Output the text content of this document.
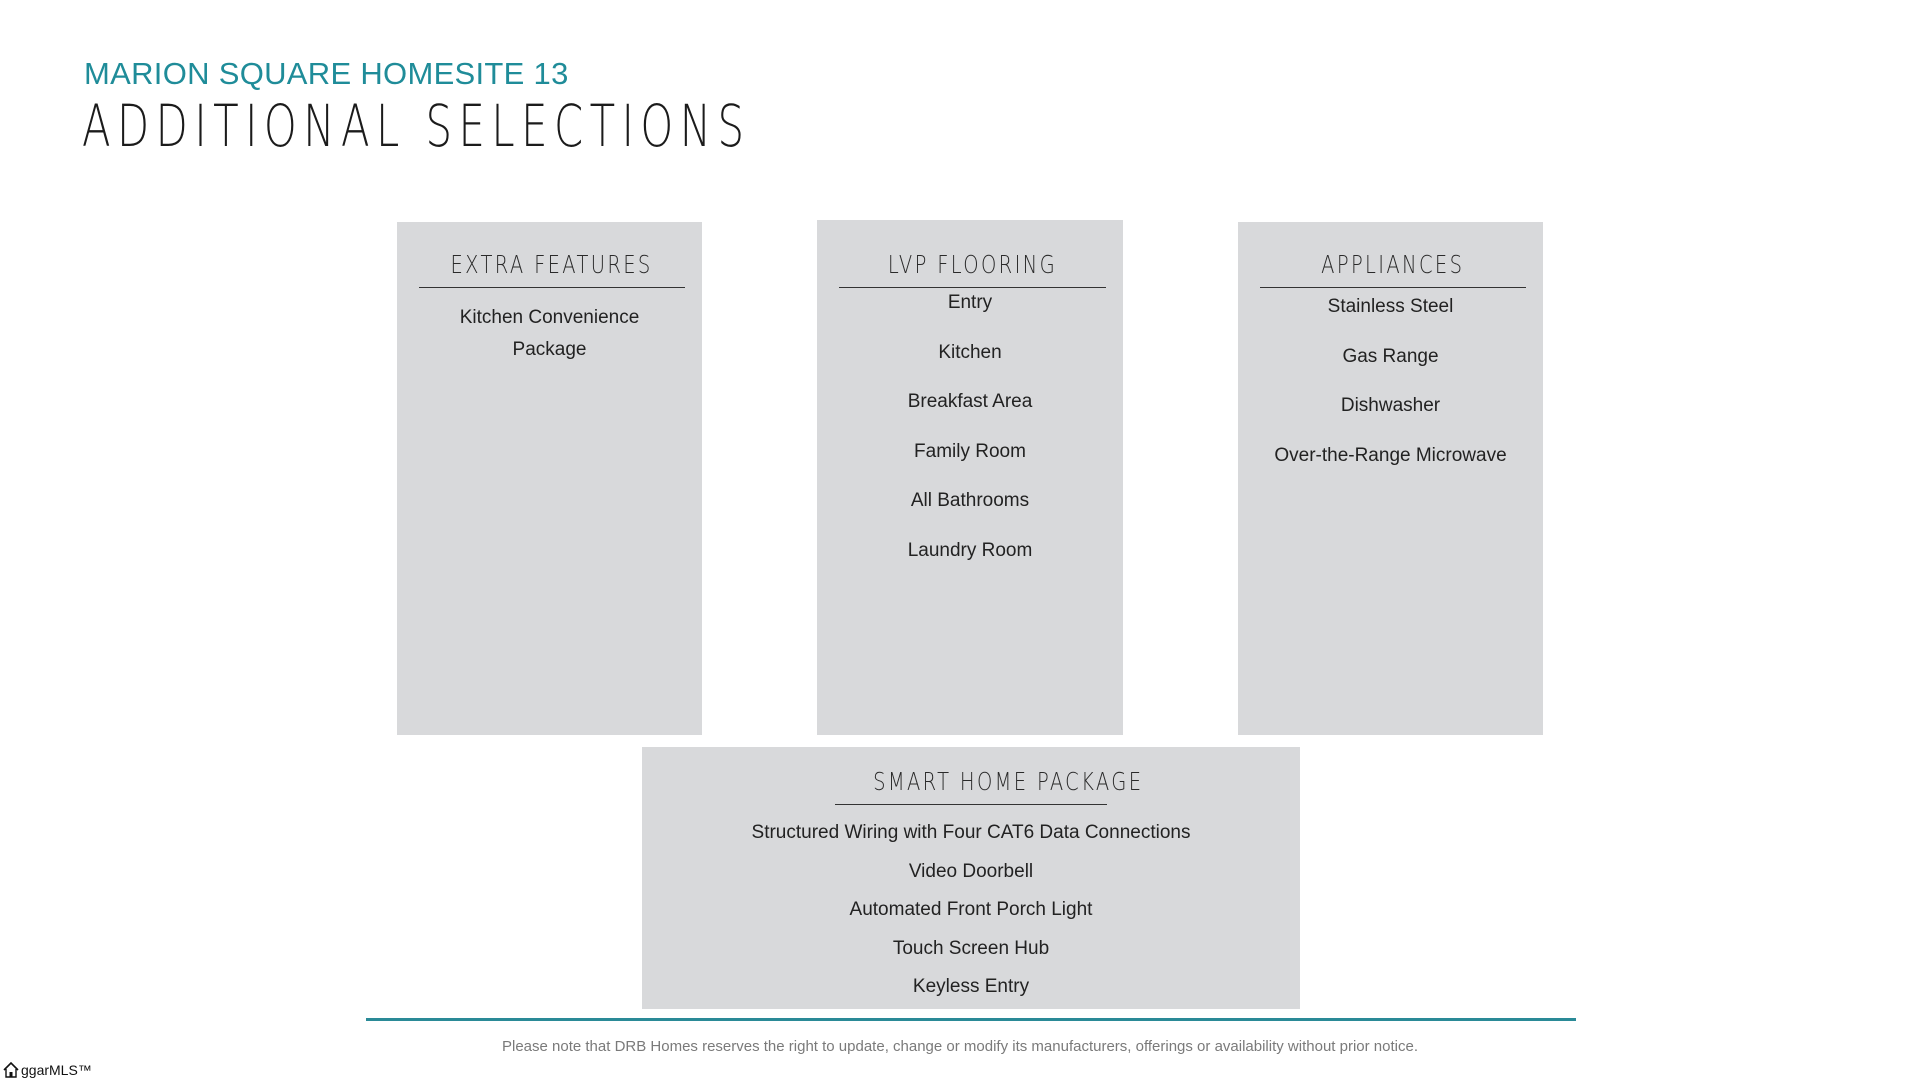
MARION SQUARE HOMESITE 13
ADDITIONAL SELECTIONS
EXTRA FEATURES
Kitchen Convenience Package
LVP FLOORING
Entry
Kitchen
Breakfast Area
Family Room
All Bathrooms
Laundry Room
APPLIANCES
Stainless Steel
Gas Range
Dishwasher
Over-the-Range Microwave
SMART HOME PACKAGE
Structured Wiring with Four CAT6 Data Connections
Video Doorbell
Automated Front Porch Light
Touch Screen Hub
Keyless Entry
Please note that DRB Homes reserves the right to update, change or modify its manufacturers, offerings or availability without prior notice.
ggarMLS™
